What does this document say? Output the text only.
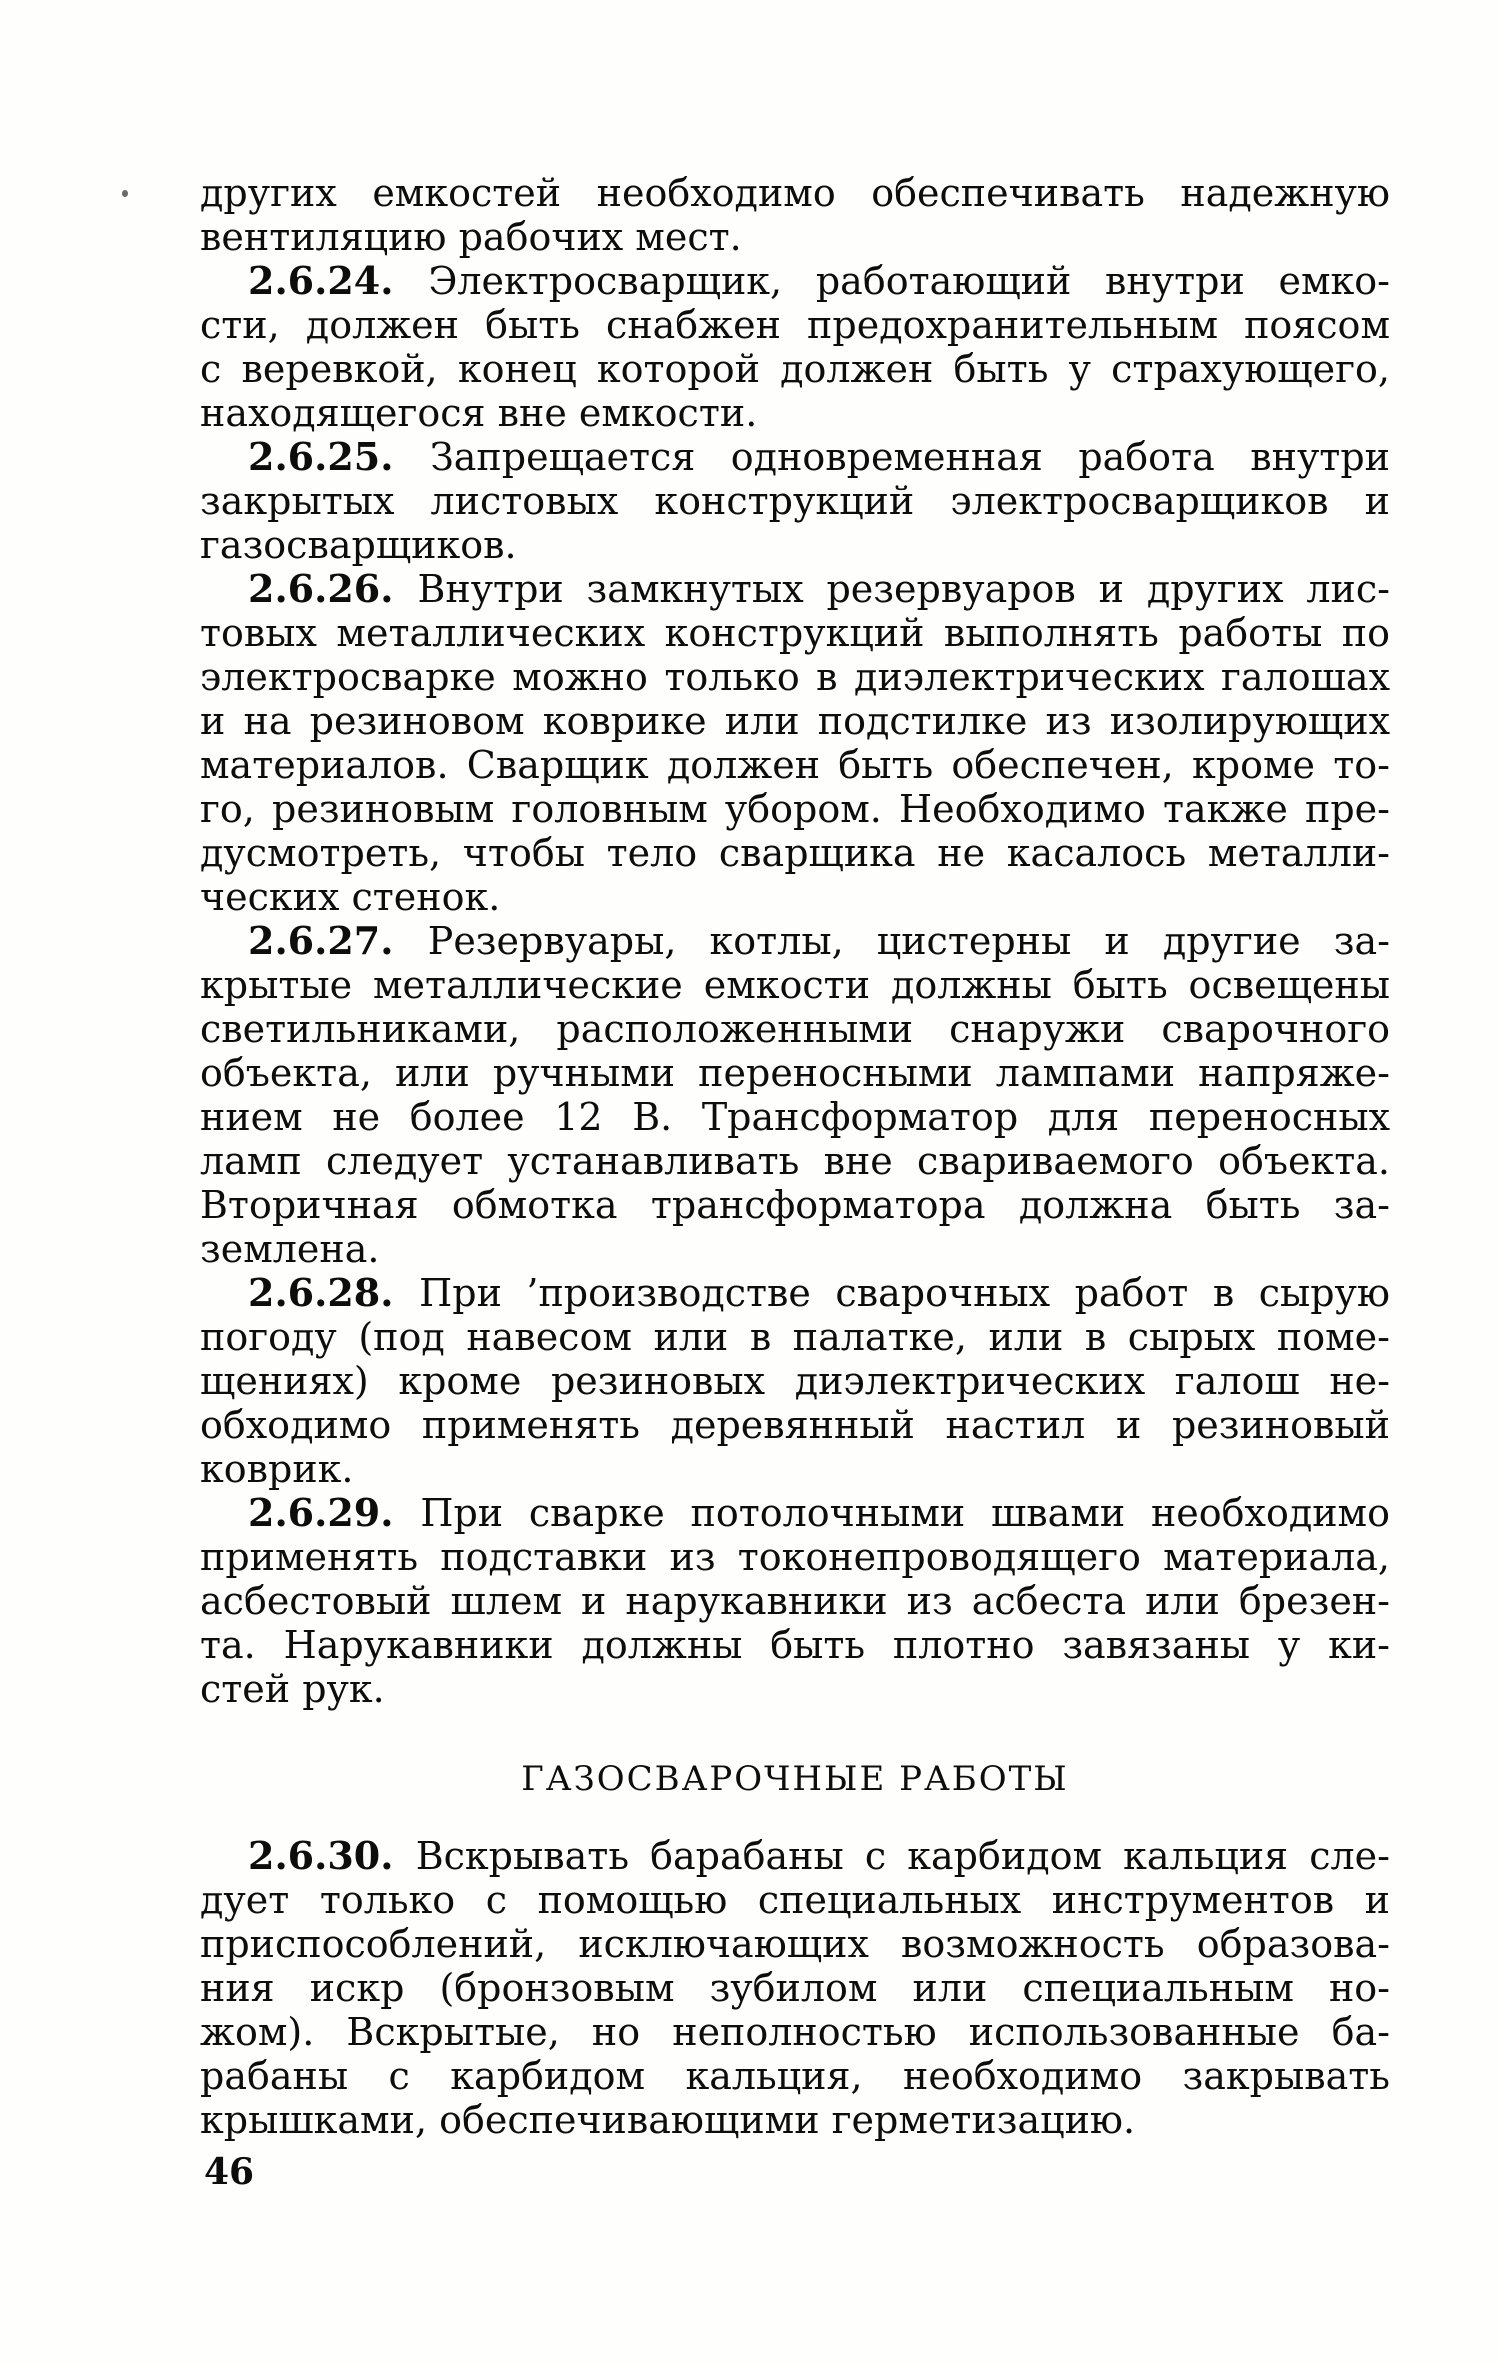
других емкостей необходимо обеспечивать надежную
вентиляцию рабочих мест.
2.6.24. Электросварщик, работающий внутри емко-
сти, должен быть снабжен предохранительным поясом
с веревкой, конец которой должен быть у страхующего,
находящегося вне емкости.
2.6.25. Запрещается одновременная работа внутри
закрытых листовых конструкций электросварщиков и
газосварщиков.
2.6.26. Внутри замкнутых резервуаров и других лис-
товых металлических конструкций выполнять работы по
электросварке можно только в диэлектрических галошах
и на резиновом коврике или подстилке из изолирующих
материалов. Сварщик должен быть обеспечен, кроме то-
го, резиновым головным убором. Необходимо также пре-
дусмотреть, чтобы тело сварщика не касалось металли-
ческих стенок.
2.6.27. Резервуары, котлы, цистерны и другие за-
крытые металлические емкости должны быть освещены
светильниками, расположенными снаружи сварочного
объекта, или ручными переносными лампами напряже-
нием не более 12 В. Трансформатор для переносных
ламп следует устанавливать вне свариваемого объекта.
Вторичная обмотка трансформатора должна быть за-
землена.
2.6.28. При ’производстве сварочных работ в сырую
погоду (под навесом или в палатке, или в сырых поме-
щениях) кроме резиновых диэлектрических галош не-
обходимо применять деревянный настил и резиновый
коврик.
2.6.29. При сварке потолочными швами необходимо
применять подставки из токонепроводящего материала,
асбестовый шлем и нарукавники из асбеста или брезен-
та. Нарукавники должны быть плотно завязаны у ки-
стей рук.
ГАЗОСВАРОЧНЫЕ РАБОТЫ
2.6.30. Вскрывать барабаны с карбидом кальция сле-
дует только с помощью специальных инструментов и
приспособлений, исключающих возможность образова-
ния искр (бронзовым зубилом или специальным но-
жом). Вскрытые, но неполностью использованные ба-
рабаны с карбидом кальция, необходимо закрывать
крышками, обеспечивающими герметизацию.
46
